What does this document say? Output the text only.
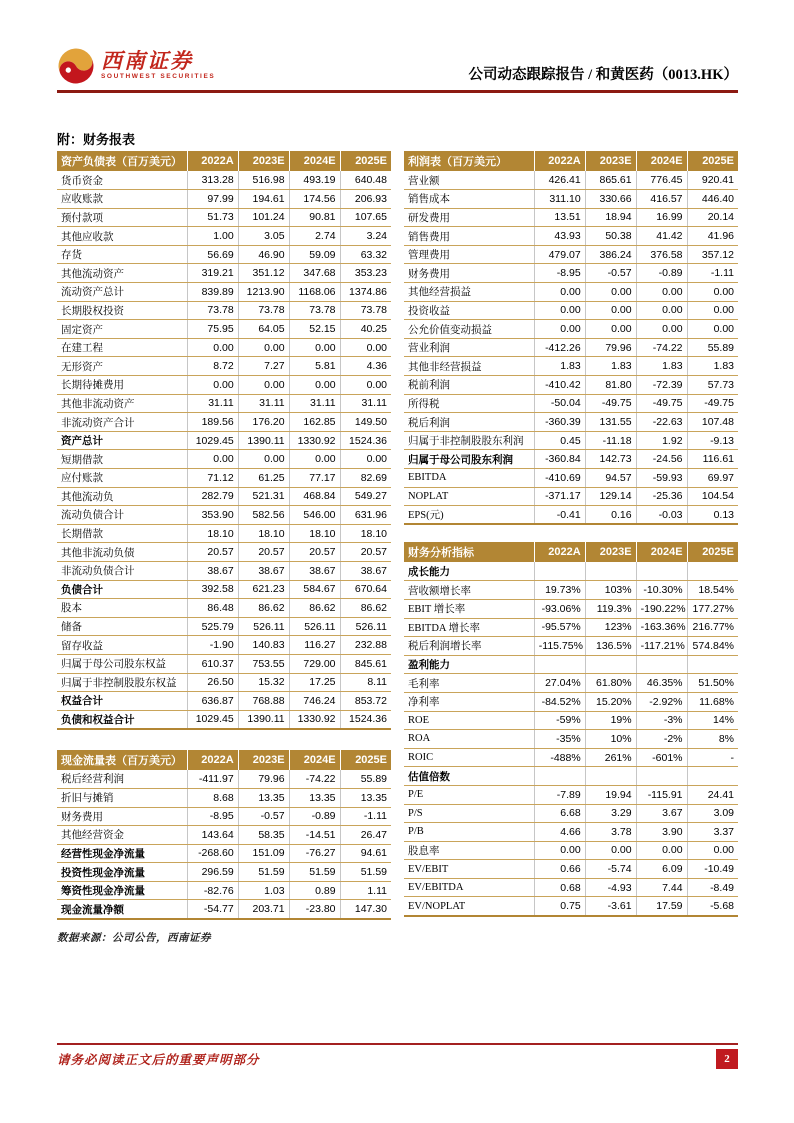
西南证券
SOUTHWEST SECURITIES	公司动态跟踪报告 / 和黄医药（0013.HK）
附：财务报表
资产负债表（百万美元）	2022A	2023E	2024E	2025E
货币资金	313.28	516.98	493.19	640.48
应收账款	97.99	194.61	174.56	206.93
预付款项	51.73	101.24	90.81	107.65
其他应收款	1.00	3.05	2.74	3.24
存货	56.69	46.90	59.09	63.32
其他流动资产	319.21	351.12	347.68	353.23
流动资产总计	839.89	1213.90	1168.06	1374.86
长期股权投资	73.78	73.78	73.78	73.78
固定资产	75.95	64.05	52.15	40.25
在建工程	0.00	0.00	0.00	0.00
无形资产	8.72	7.27	5.81	4.36
长期待摊费用	0.00	0.00	0.00	0.00
其他非流动资产	31.11	31.11	31.11	31.11
非流动资产合计	189.56	176.20	162.85	149.50
资产总计	1029.45	1390.11	1330.92	1524.36
短期借款	0.00	0.00	0.00	0.00
应付账款	71.12	61.25	77.17	82.69
其他流动负	282.79	521.31	468.84	549.27
流动负债合计	353.90	582.56	546.00	631.96
长期借款	18.10	18.10	18.10	18.10
其他非流动负债	20.57	20.57	20.57	20.57
非流动负债合计	38.67	38.67	38.67	38.67
负债合计	392.58	621.23	584.67	670.64
股本	86.48	86.62	86.62	86.62
储备	525.79	526.11	526.11	526.11
留存收益	-1.90	140.83	116.27	232.88
归属于母公司股东权益	610.37	753.55	729.00	845.61
归属于非控制股股东权益	26.50	15.32	17.25	8.11
权益合计	636.87	768.88	746.24	853.72
负债和权益合计	1029.45	1390.11	1330.92	1524.36
现金流量表（百万美元）	2022A	2023E	2024E	2025E
税后经营利润	-411.97	79.96	-74.22	55.89
折旧与摊销	8.68	13.35	13.35	13.35
财务费用	-8.95	-0.57	-0.89	-1.11
其他经营资金	143.64	58.35	-14.51	26.47
经营性现金净流量	-268.60	151.09	-76.27	94.61
投资性现金净流量	296.59	51.59	51.59	51.59
筹资性现金净流量	-82.76	1.03	0.89	1.11
现金流量净额	-54.77	203.71	-23.80	147.30
数据来源：公司公告，西南证券
利润表（百万美元）	2022A	2023E	2024E	2025E
营业额	426.41	865.61	776.45	920.41
销售成本	311.10	330.66	416.57	446.40
研发费用	13.51	18.94	16.99	20.14
销售费用	43.93	50.38	41.42	41.96
管理费用	479.07	386.24	376.58	357.12
财务费用	-8.95	-0.57	-0.89	-1.11
其他经营损益	0.00	0.00	0.00	0.00
投资收益	0.00	0.00	0.00	0.00
公允价值变动损益	0.00	0.00	0.00	0.00
营业利润	-412.26	79.96	-74.22	55.89
其他非经营损益	1.83	1.83	1.83	1.83
税前利润	-410.42	81.80	-72.39	57.73
所得税	-50.04	-49.75	-49.75	-49.75
税后利润	-360.39	131.55	-22.63	107.48
归属于非控制股股东利润	0.45	-11.18	1.92	-9.13
归属于母公司股东利润	-360.84	142.73	-24.56	116.61
EBITDA	-410.69	94.57	-59.93	69.97
NOPLAT	-371.17	129.14	-25.36	104.54
EPS(元)	-0.41	0.16	-0.03	0.13
财务分析指标	2022A	2023E	2024E	2025E
成长能力				
营收额增长率	19.73%	103%	-10.30%	18.54%
EBIT 增长率	-93.06%	119.3%	-190.22%	177.27%
EBITDA 增长率	-95.57%	123%	-163.36%	216.77%
税后利润增长率	-115.75%	136.5%	-117.21%	574.84%
盈利能力				
毛利率	27.04%	61.80%	46.35%	51.50%
净利率	-84.52%	15.20%	-2.92%	11.68%
ROE	-59%	19%	-3%	14%
ROA	-35%	10%	-2%	8%
ROIC	-488%	261%	-601%	-
估值倍数				
P/E	-7.89	19.94	-115.91	24.41
P/S	6.68	3.29	3.67	3.09
P/B	4.66	3.78	3.90	3.37
股息率	0.00	0.00	0.00	0.00
EV/EBIT	0.66	-5.74	6.09	-10.49
EV/EBITDA	0.68	-4.93	7.44	-8.49
EV/NOPLAT	0.75	-3.61	17.59	-5.68
请务必阅读正文后的重要声明部分	2
